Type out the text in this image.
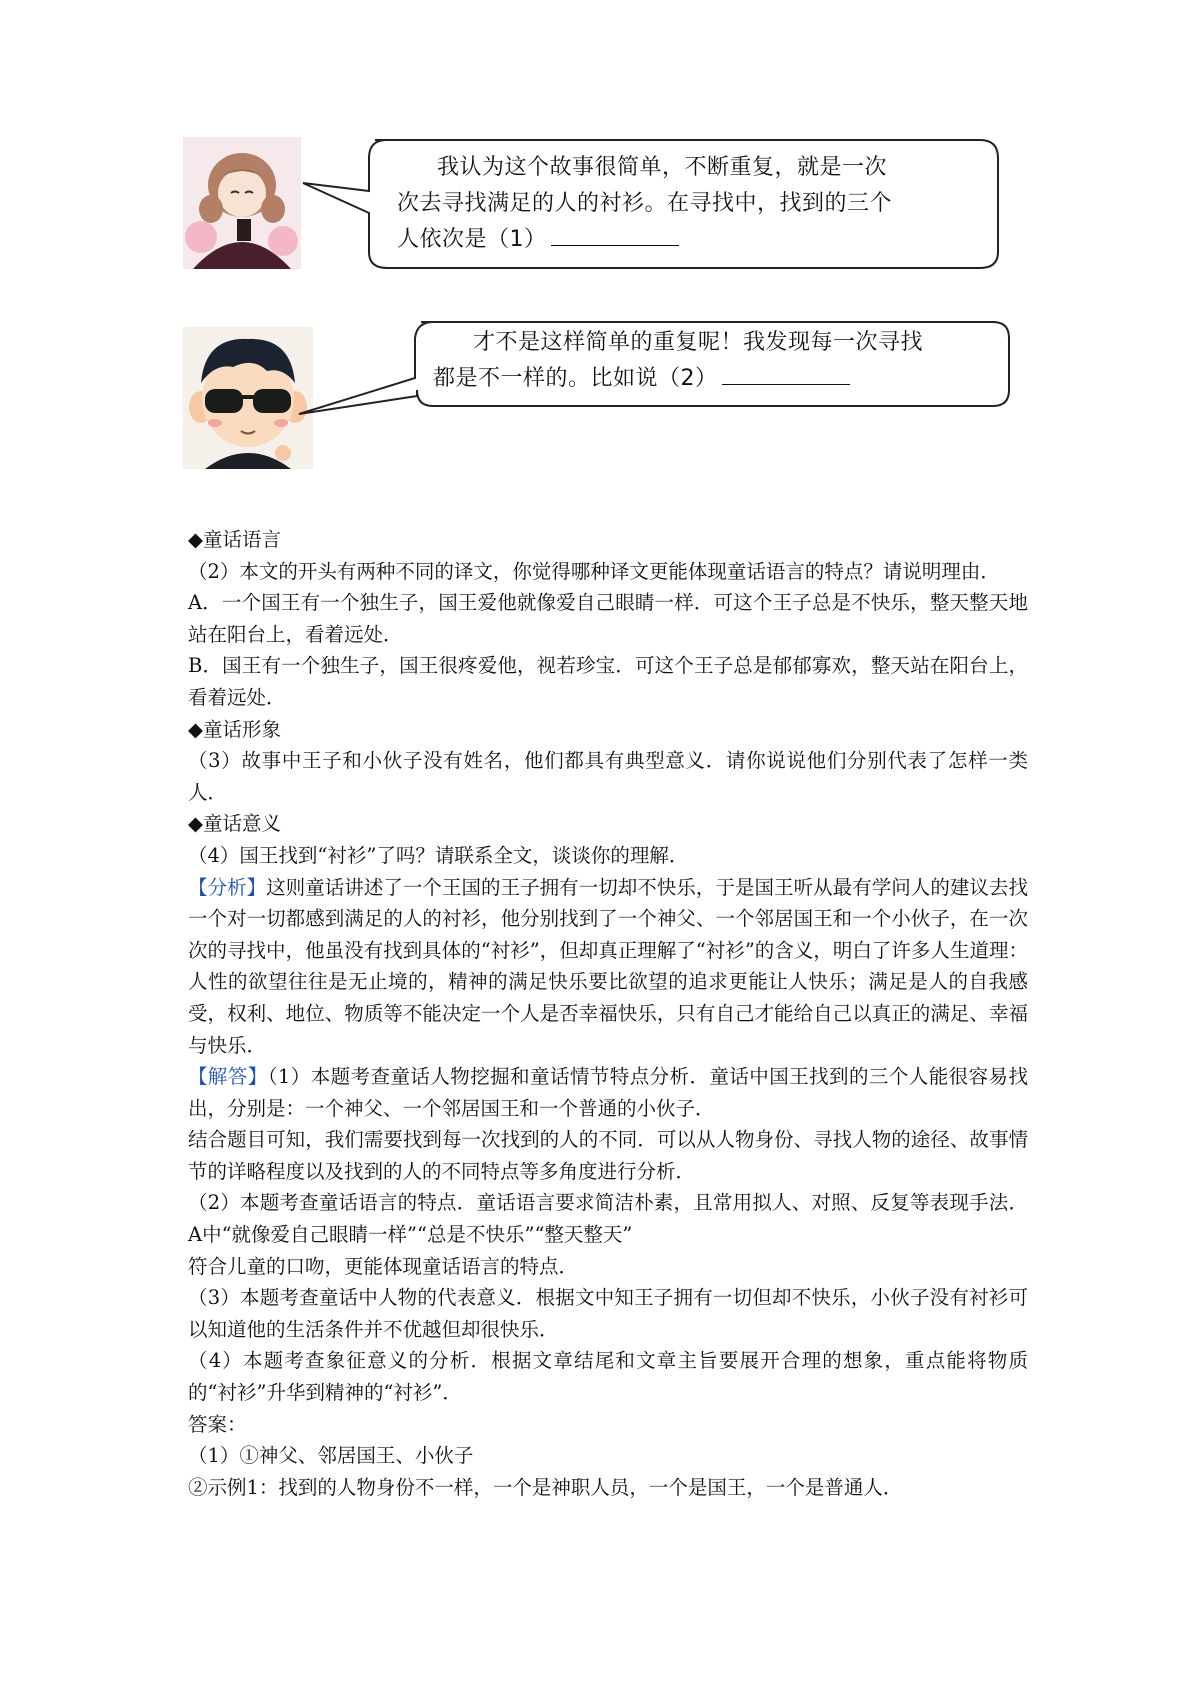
我认为这个故事很简单，不断重复，就是一次
次去寻找满足的人的衬衫。在寻找中，找到的三个
人依次是（1）
才不是这样简单的重复呢！我发现每一次寻找
都是不一样的。比如说（2）

◆童话语言

（2）本文的开头有两种不同的译文，你觉得哪种译文更能体现童话语言的特点？请说明理由．

A．一个国王有一个独生子，国王爱他就像爱自己眼睛一样．可这个王子总是不快乐，整天整天地站在阳台上，看着远处．

B．国王有一个独生子，国王很疼爱他，视若珍宝．可这个王子总是郁郁寡欢，整天站在阳台上，看着远处．

◆童话形象

（3）故事中王子和小伙子没有姓名，他们都具有典型意义．请你说说他们分别代表了怎样一类人．

◆童话意义

（4）国王找到“衬衫”了吗？请联系全文，谈谈你的理解．

【分析】这则童话讲述了一个王国的王子拥有一切却不快乐，于是国王听从最有学问人的建议去找一个对一切都感到满足的人的衬衫，他分别找到了一个神父、一个邻居国王和一个小伙子，在一次次的寻找中，他虽没有找到具体的“衬衫”，但却真正理解了“衬衫”的含义，明白了许多人生道理：人性的欲望往往是无止境的，精神的满足快乐要比欲望的追求更能让人快乐；满足是人的自我感受，权利、地位、物质等不能决定一个人是否幸福快乐，只有自己才能给自己以真正的满足、幸福与快乐．

【解答】（1）本题考查童话人物挖掘和童话情节特点分析．童话中国王找到的三个人能很容易找出，分别是：一个神父、一个邻居国王和一个普通的小伙子．

结合题目可知，我们需要找到每一次找到的人的不同．可以从人物身份、寻找人物的途径、故事情节的详略程度以及找到的人的不同特点等多角度进行分析．

（2）本题考查童话语言的特点．童话语言要求简洁朴素，且常用拟人、对照、反复等表现手法．A中“就像爱自己眼睛一样”“总是不快乐”“整天整天”

符合儿童的口吻，更能体现童话语言的特点．

（3）本题考查童话中人物的代表意义．根据文中知王子拥有一切但却不快乐，小伙子没有衬衫可以知道他的生活条件并不优越但却很快乐．

（4）本题考查象征意义的分析．根据文章结尾和文章主旨要展开合理的想象，重点能将物质的“衬衫”升华到精神的“衬衫”．

答案：

（1）①神父、邻居国王、小伙子

②示例1：找到的人物身份不一样，一个是神职人员，一个是国王，一个是普通人．
